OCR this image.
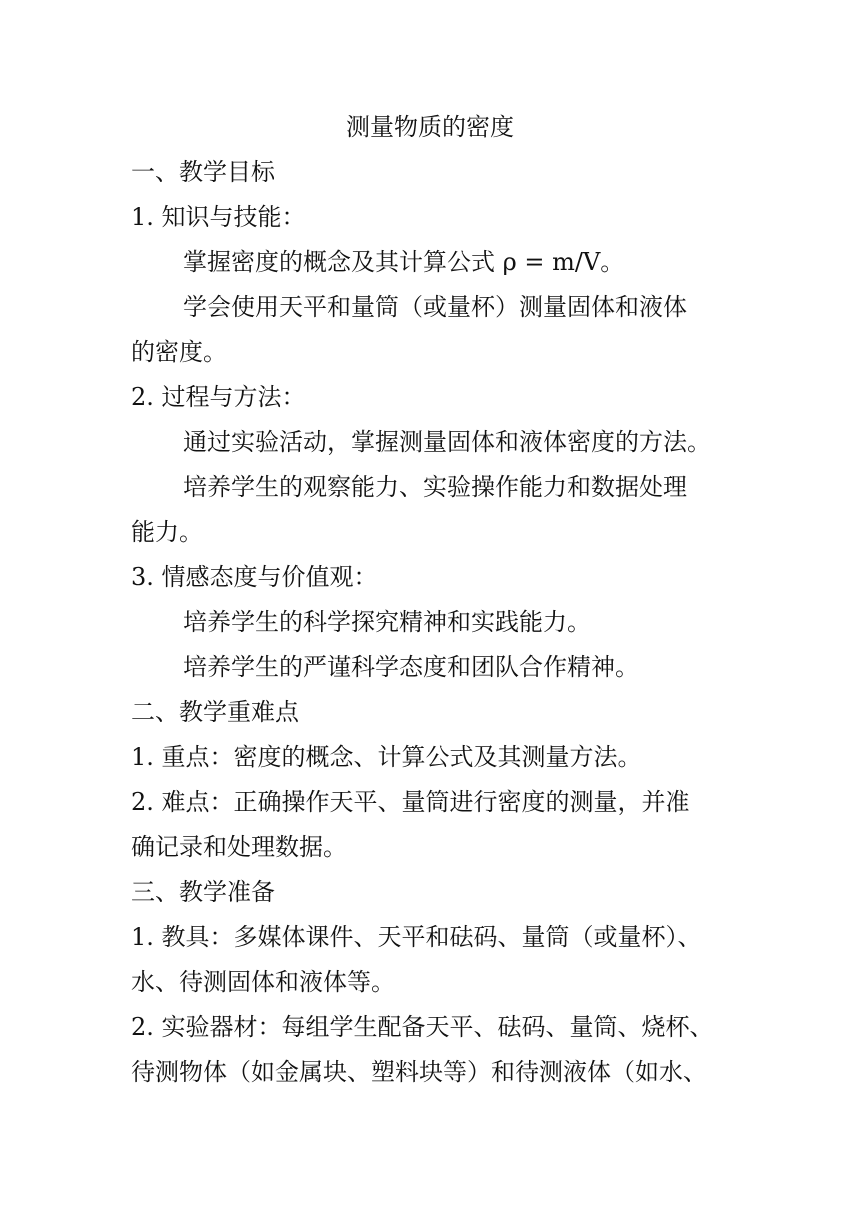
测量物质的密度
一、教学目标
1. 知识与技能：
掌握密度的概念及其计算公式 ρ = m/V。
学会使用天平和量筒（或量杯）测量固体和液体
的密度。
2. 过程与方法：
通过实验活动，掌握测量固体和液体密度的方法。
培养学生的观察能力、实验操作能力和数据处理
能力。
3. 情感态度与价值观：
培养学生的科学探究精神和实践能力。
培养学生的严谨科学态度和团队合作精神。
二、教学重难点
1. 重点：密度的概念、计算公式及其测量方法。
2. 难点：正确操作天平、量筒进行密度的测量，并准
确记录和处理数据。
三、教学准备
1. 教具：多媒体课件、天平和砝码、量筒（或量杯）、
水、待测固体和液体等。
2. 实验器材：每组学生配备天平、砝码、量筒、烧杯、
待测物体（如金属块、塑料块等）和待测液体（如水、
